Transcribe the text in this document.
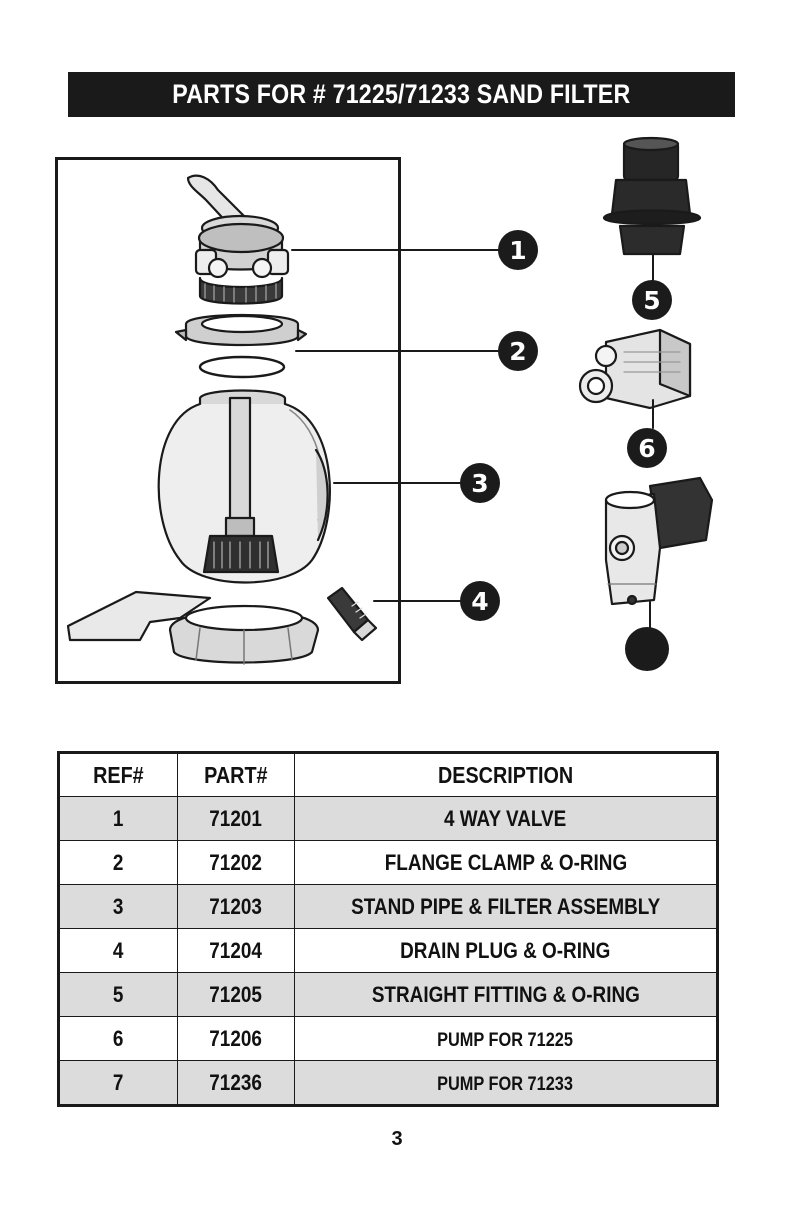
PARTS FOR # 71225/71233 SAND FILTER
1
2
3
4
5
6
REF#	PART#	DESCRIPTION
1	71201	4 WAY VALVE
2	71202	FLANGE CLAMP & O-RING
3	71203	STAND PIPE & FILTER ASSEMBLY
4	71204	DRAIN PLUG & O-RING
5	71205	STRAIGHT FITTING & O-RING
6	71206	PUMP FOR 71225
7	71236	PUMP FOR 71233
3
